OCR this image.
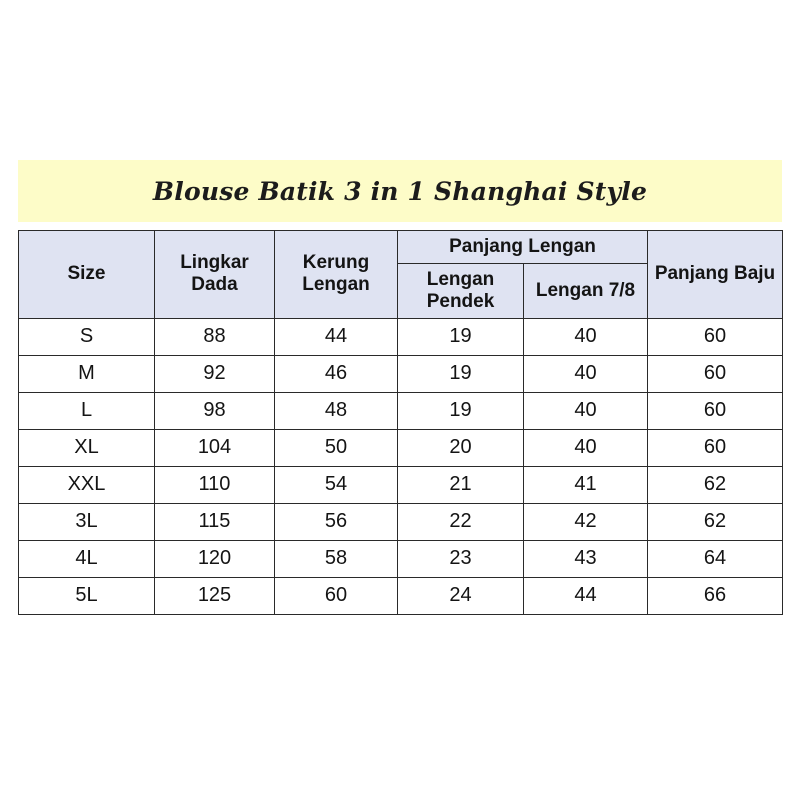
Blouse Batik 3 in 1 Shanghai Style
Size	Lingkar Dada	Kerung Lengan	Panjang Lengan		Panjang Baju
			Lengan Pendek	Lengan 7/8	
S	88	44	19	40	60
M	92	46	19	40	60
L	98	48	19	40	60
XL	104	50	20	40	60
XXL	110	54	21	41	62
3L	115	56	22	42	62
4L	120	58	23	43	64
5L	125	60	24	44	66
